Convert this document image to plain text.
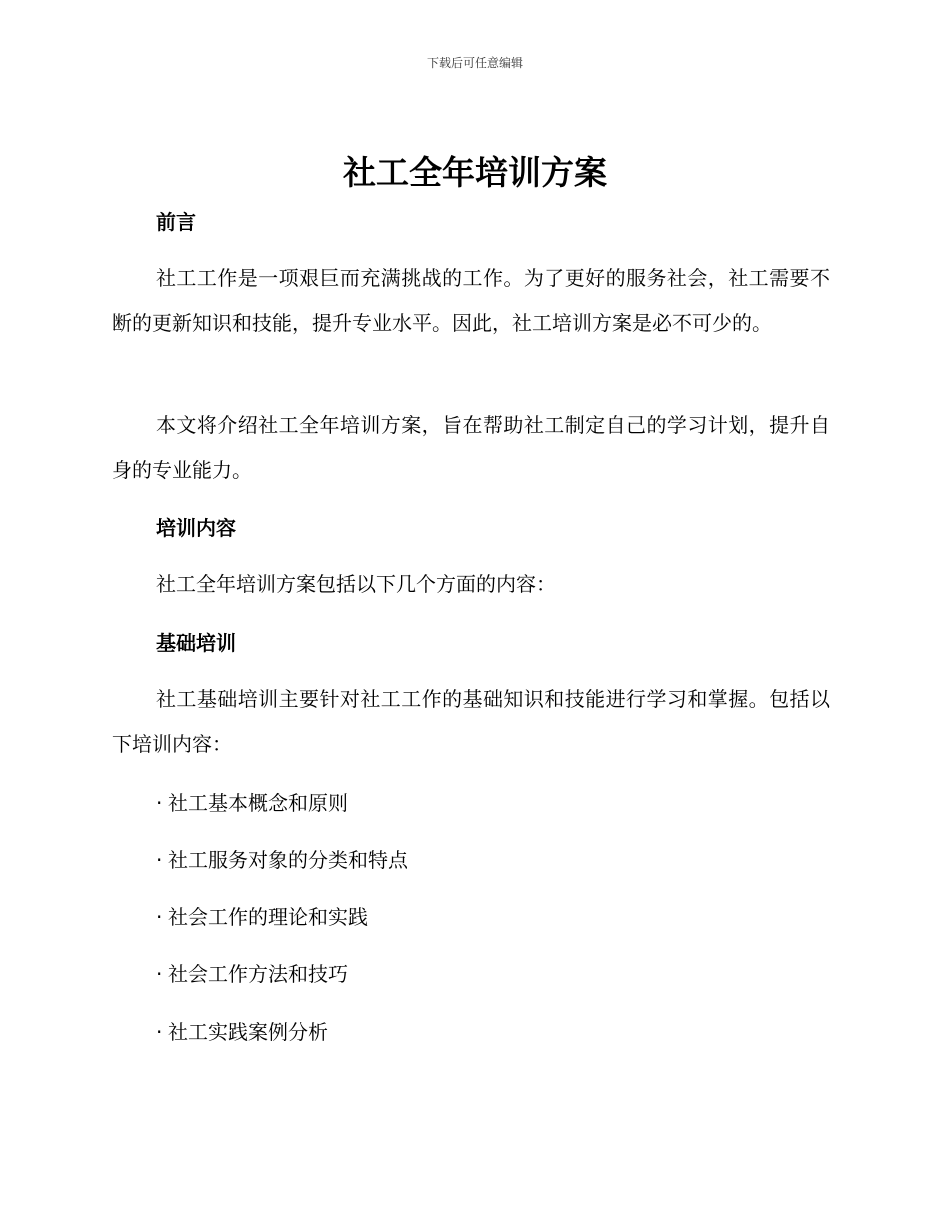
下载后可任意编辑
社工全年培训方案
前言

社工工作是一项艰巨而充满挑战的工作。为了更好的服务社会，社工需要不断的更新知识和技能，提升专业水平。因此，社工培训方案是必不可少的。

本文将介绍社工全年培训方案，旨在帮助社工制定自己的学习计划，提升自身的专业能力。

培训内容

社工全年培训方案包括以下几个方面的内容：

基础培训

社工基础培训主要针对社工工作的基础知识和技能进行学习和掌握。包括以下培训内容：

· 社工基本概念和原则

· 社工服务对象的分类和特点

· 社会工作的理论和实践

· 社会工作方法和技巧

· 社工实践案例分析
